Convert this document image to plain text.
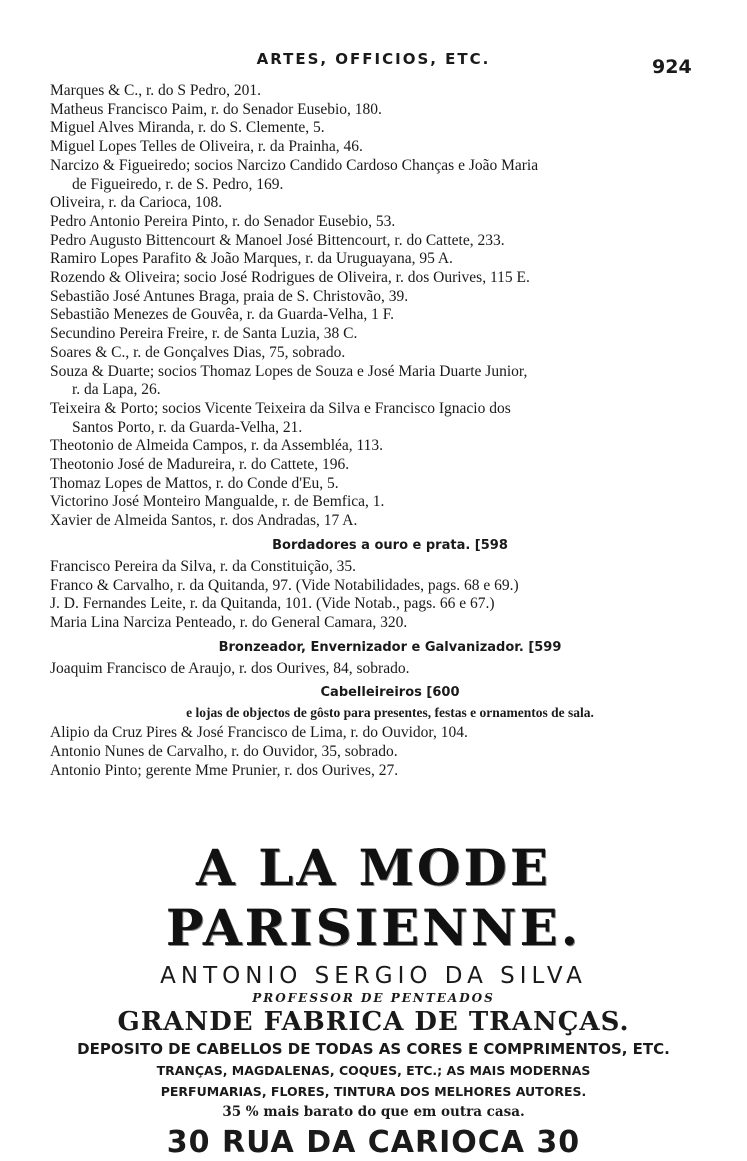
ARTES, OFFICIOS, ETC.	924
Marques & C., r. do S Pedro, 201.
Matheus Francisco Paim, r. do Senador Eusebio, 180.
Miguel Alves Miranda, r. do S. Clemente, 5.
Miguel Lopes Telles de Oliveira, r. da Prainha, 46.
Narcizo & Figueiredo; socios Narcizo Candido Cardoso Chanças e João Maria
de Figueiredo, r. de S. Pedro, 169.
Oliveira, r. da Carioca, 108.
Pedro Antonio Pereira Pinto, r. do Senador Eusebio, 53.
Pedro Augusto Bittencourt & Manoel José Bittencourt, r. do Cattete, 233.
Ramiro Lopes Parafito & João Marques, r. da Uruguayana, 95 A.
Rozendo & Oliveira; socio José Rodrigues de Oliveira, r. dos Ourives, 115 E.
Sebastião José Antunes Braga, praia de S. Christovão, 39.
Sebastião Menezes de Gouvêa, r. da Guarda-Velha, 1 F.
Secundino Pereira Freire, r. de Santa Luzia, 38 C.
Soares & C., r. de Gonçalves Dias, 75, sobrado.
Souza & Duarte; socios Thomaz Lopes de Souza e José Maria Duarte Junior,
r. da Lapa, 26.
Teixeira & Porto; socios Vicente Teixeira da Silva e Francisco Ignacio dos
Santos Porto, r. da Guarda-Velha, 21.
Theotonio de Almeida Campos, r. da Assembléa, 113.
Theotonio José de Madureira, r. do Cattete, 196.
Thomaz Lopes de Mattos, r. do Conde d'Eu, 5.
Victorino José Monteiro Mangualde, r. de Bemfica, 1.
Xavier de Almeida Santos, r. dos Andradas, 17 A.
Bordadores a ouro e prata. [598
Francisco Pereira da Silva, r. da Constituição, 35.
Franco & Carvalho, r. da Quitanda, 97. (Vide Notabilidades, pags. 68 e 69.)
J. D. Fernandes Leite, r. da Quitanda, 101. (Vide Notab., pags. 66 e 67.)
Maria Lina Narciza Penteado, r. do General Camara, 320.
Bronzeador, Envernizador e Galvanizador. [599
Joaquim Francisco de Araujo, r. dos Ourives, 84, sobrado.
Cabelleireiros [600
e lojas de objectos de gôsto para presentes, festas e ornamentos de sala.
Alipio da Cruz Pires & José Francisco de Lima, r. do Ouvidor, 104.
Antonio Nunes de Carvalho, r. do Ouvidor, 35, sobrado.
Antonio Pinto; gerente Mme Prunier, r. dos Ourives, 27.
A LA MODE PARISIENNE.
ANTONIO SERGIO DA SILVA
PROFESSOR DE PENTEADOS
GRANDE FABRICA DE TRANÇAS.
DEPOSITO DE CABELLOS DE TODAS AS CORES E COMPRIMENTOS, ETC.
TRANÇAS, MAGDALENAS, COQUES, ETC.; AS MAIS MODERNAS
PERFUMARIAS, FLORES, TINTURA DOS MELHORES AUTORES.
35 % mais barato do que em outra casa.
30 RUA DA CARIOCA 30
